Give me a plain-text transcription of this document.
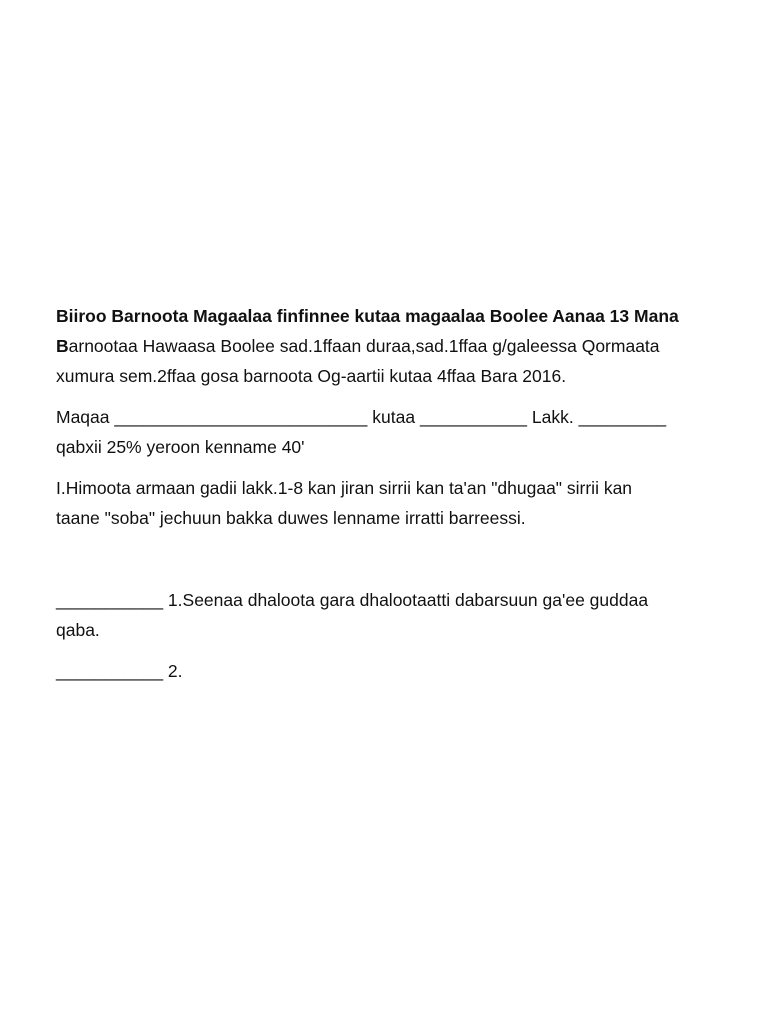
Biiroo Barnoota Magaalaa finfinnee kutaa magaalaa Boolee Aanaa 13 Mana
Barnootaa Hawaasa Boolee sad.1ffaan duraa,sad.1ffaa g/galeessa Qormaata
xumura sem.2ffaa gosa barnoota Og-aartii kutaa 4ffaa Bara 2016.
Maqaa __________________________ kutaa ___________ Lakk. _________
qabxii 25% yeroon kenname 40'
I.Himoota armaan gadii lakk.1-8 kan jiran sirrii kan ta'an "dhugaa" sirrii kan
taane "soba" jechuun bakka duwes lenname irratti barreessi.
___________ 1.Seenaa dhaloota gara dhalootaatti dabarsuun ga'ee guddaa
qaba.
___________ 2.
